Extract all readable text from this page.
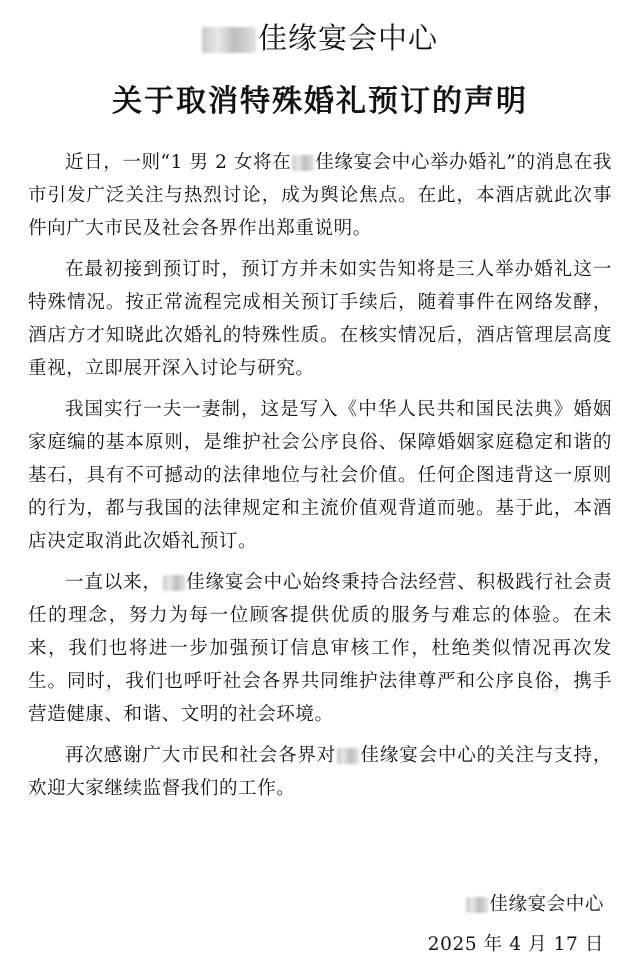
佳缘宴会中心
关于取消特殊婚礼预订的声明

近日，一则“1 男 2 女将在 佳缘宴会中心举办婚礼”的消息在我市引发广泛关注与热烈讨论，成为舆论焦点。在此，本酒店就此次事件向广大市民及社会各界作出郑重说明。

在最初接到预订时，预订方并未如实告知将是三人举办婚礼这一特殊情况。按正常流程完成相关预订手续后，随着事件在网络发酵，酒店方才知晓此次婚礼的特殊性质。在核实情况后，酒店管理层高度重视，立即展开深入讨论与研究。

我国实行一夫一妻制，这是写入《中华人民共和国民法典》婚姻家庭编的基本原则，是维护社会公序良俗、保障婚姻家庭稳定和谐的基石，具有不可撼动的法律地位与社会价值。任何企图违背这一原则的行为，都与我国的法律规定和主流价值观背道而驰。基于此，本酒店决定取消此次婚礼预订。

一直以来， 佳缘宴会中心始终秉持合法经营、积极践行社会责任的理念，努力为每一位顾客提供优质的服务与难忘的体验。在未来，我们也将进一步加强预订信息审核工作，杜绝类似情况再次发生。同时，我们也呼吁社会各界共同维护法律尊严和公序良俗，携手营造健康、和谐、文明的社会环境。

再次感谢广大市民和社会各界对 佳缘宴会中心的关注与支持，欢迎大家继续监督我们的工作。

佳缘宴会中心
2025 年 4 月 17 日
